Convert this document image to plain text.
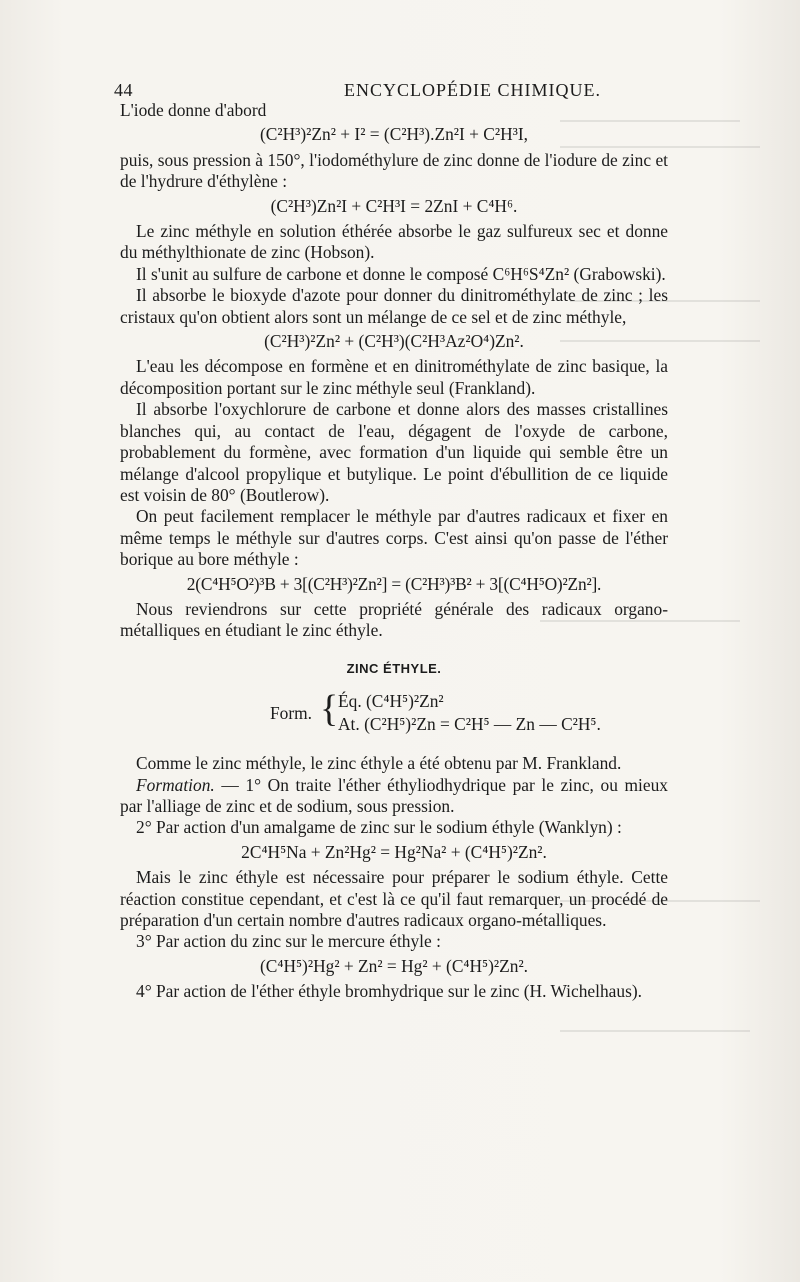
44	ENCYCLOPÉDIE CHIMIQUE.

L'iode donne d'abord

(C²H³)²Zn² + I² = (C²H³).Zn²I + C²H³I,

puis, sous pression à 150°, l'iodométhylure de zinc donne de l'iodure de zinc et de l'hydrure d'éthylène :

(C²H³)Zn²I + C²H³I = 2ZnI + C⁴H⁶.

Le zinc méthyle en solution éthérée absorbe le gaz sulfureux sec et donne du méthylthionate de zinc (Hobson).

Il s'unit au sulfure de carbone et donne le composé C⁶H⁶S⁴Zn² (Grabowski).

Il absorbe le bioxyde d'azote pour donner du dinitrométhylate de zinc ; les cristaux qu'on obtient alors sont un mélange de ce sel et de zinc méthyle,

(C²H³)²Zn² + (C²H³)(C²H³Az²O⁴)Zn².

L'eau les décompose en formène et en dinitrométhylate de zinc basique, la décomposition portant sur le zinc méthyle seul (Frankland).

Il absorbe l'oxychlorure de carbone et donne alors des masses cristallines blanches qui, au contact de l'eau, dégagent de l'oxyde de carbone, probablement du formène, avec formation d'un liquide qui semble être un mélange d'alcool propylique et butylique. Le point d'ébullition de ce liquide est voisin de 80° (Boutlerow).

On peut facilement remplacer le méthyle par d'autres radicaux et fixer en même temps le méthyle sur d'autres corps. C'est ainsi qu'on passe de l'éther borique au bore méthyle :

2(C⁴H⁵O²)³B + 3[(C²H³)²Zn²] = (C²H³)³B² + 3[(C⁴H⁵O)²Zn²].

Nous reviendrons sur cette propriété générale des radicaux organo-métalliques en étudiant le zinc éthyle.

ZINC ÉTHYLE.
Form. { Éq. (C⁴H⁵)²Zn²
At. (C²H⁵)²Zn = C²H⁵ — Zn — C²H⁵.

Comme le zinc méthyle, le zinc éthyle a été obtenu par M. Frankland.

Formation. — 1° On traite l'éther éthyliodhydrique par le zinc, ou mieux par l'alliage de zinc et de sodium, sous pression.

2° Par action d'un amalgame de zinc sur le sodium éthyle (Wanklyn) :

2C⁴H⁵Na + Zn²Hg² = Hg²Na² + (C⁴H⁵)²Zn².

Mais le zinc éthyle est nécessaire pour préparer le sodium éthyle. Cette réaction constitue cependant, et c'est là ce qu'il faut remarquer, un procédé de préparation d'un certain nombre d'autres radicaux organo-métalliques.

3° Par action du zinc sur le mercure éthyle :

(C⁴H⁵)²Hg² + Zn² = Hg² + (C⁴H⁵)²Zn².

4° Par action de l'éther éthyle bromhydrique sur le zinc (H. Wichelhaus).
